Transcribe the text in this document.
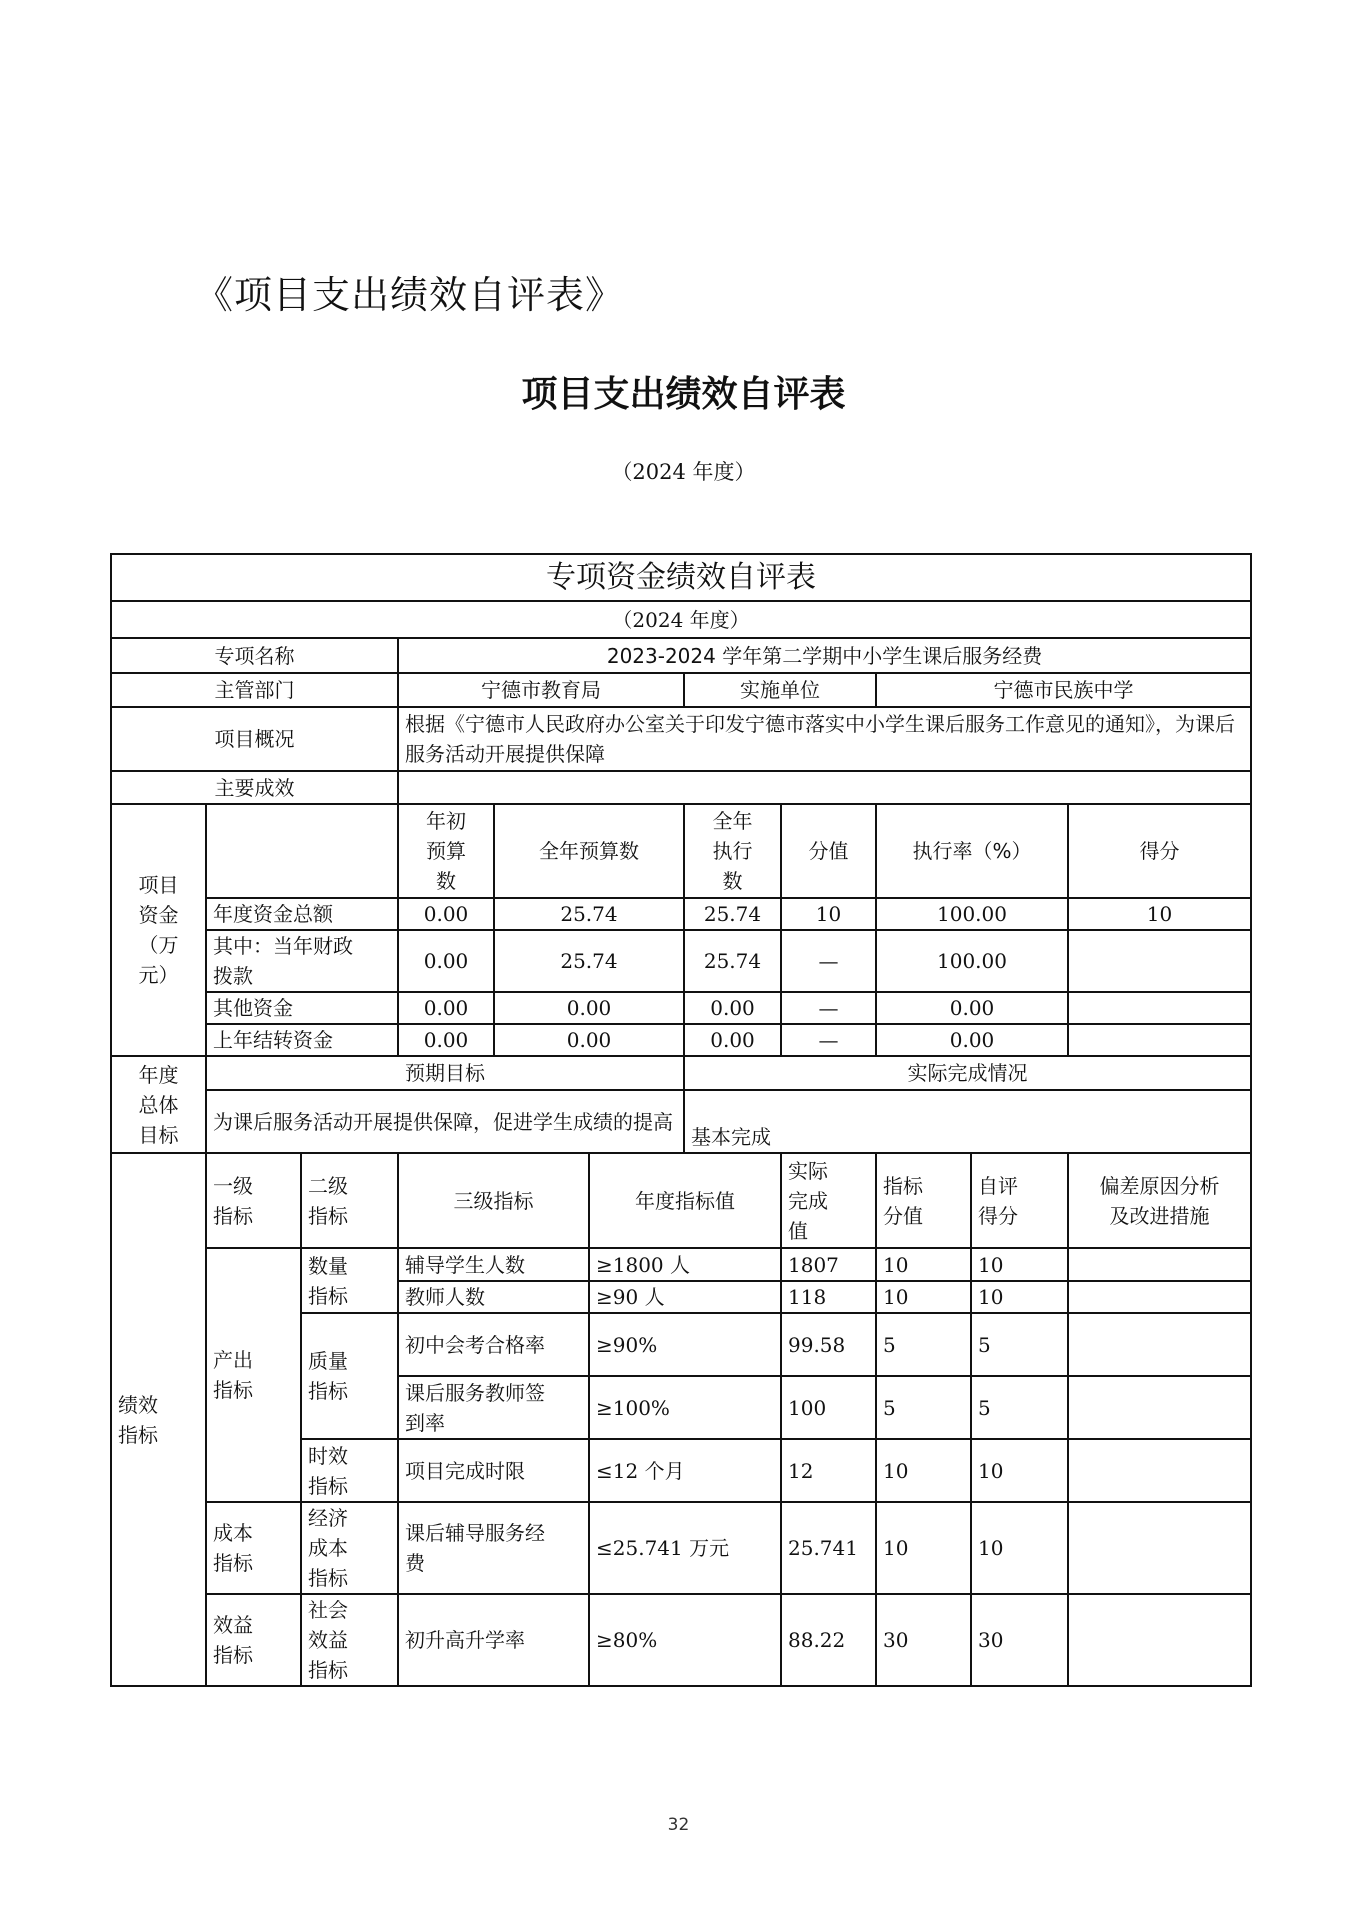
《项目支出绩效自评表》
项目支出绩效自评表
（2024 年度）
专项资金绩效自评表										
（2024 年度）										
专项名称			2023-2024 学年第二学期中小学生课后服务经费							
主管部门			宁德市教育局			实施单位		宁德市民族中学		
项目概况			根据《宁德市人民政府办公室关于印发宁德市落实中小学生课后服务工作意见的通知》，为课后服务活动开展提供保障							
主要成效										
项目资金（万元）			年初预算数	全年预算数		全年执行数	分值	执行率（%）		得分
	年度资金总额		0.00	25.74		25.74	10	100.00		10
	其中：当年财政拨款		0.00	25.74		25.74	—	100.00		
	其他资金		0.00	0.00		0.00	—	0.00		
	上年结转资金		0.00	0.00		0.00	—	0.00		
年度总体目标	预期目标					实际完成情况				
	为课后服务活动开展提供保障，促进学生成绩的提高					基本完成				
绩效指标	一级指标	二级指标	三级指标		年度指标值		实际完成值	指标分值	自评得分	偏差原因分析及改进措施
	产出指标	数量指标	辅导学生人数		≥1800 人		1807	10	10	
			教师人数		≥90 人		118	10	10	
		质量指标	初中会考合格率		≥90%		99.58	5	5	
			课后服务教师签到率		≥100%		100	5	5	
		时效指标	项目完成时限		≤12 个月		12	10	10	
	成本指标	经济成本指标	课后辅导服务经费		≤25.741 万元		25.741	10	10	
	效益指标	社会效益指标	初升高升学率		≥80%		88.22	30	30	
32
